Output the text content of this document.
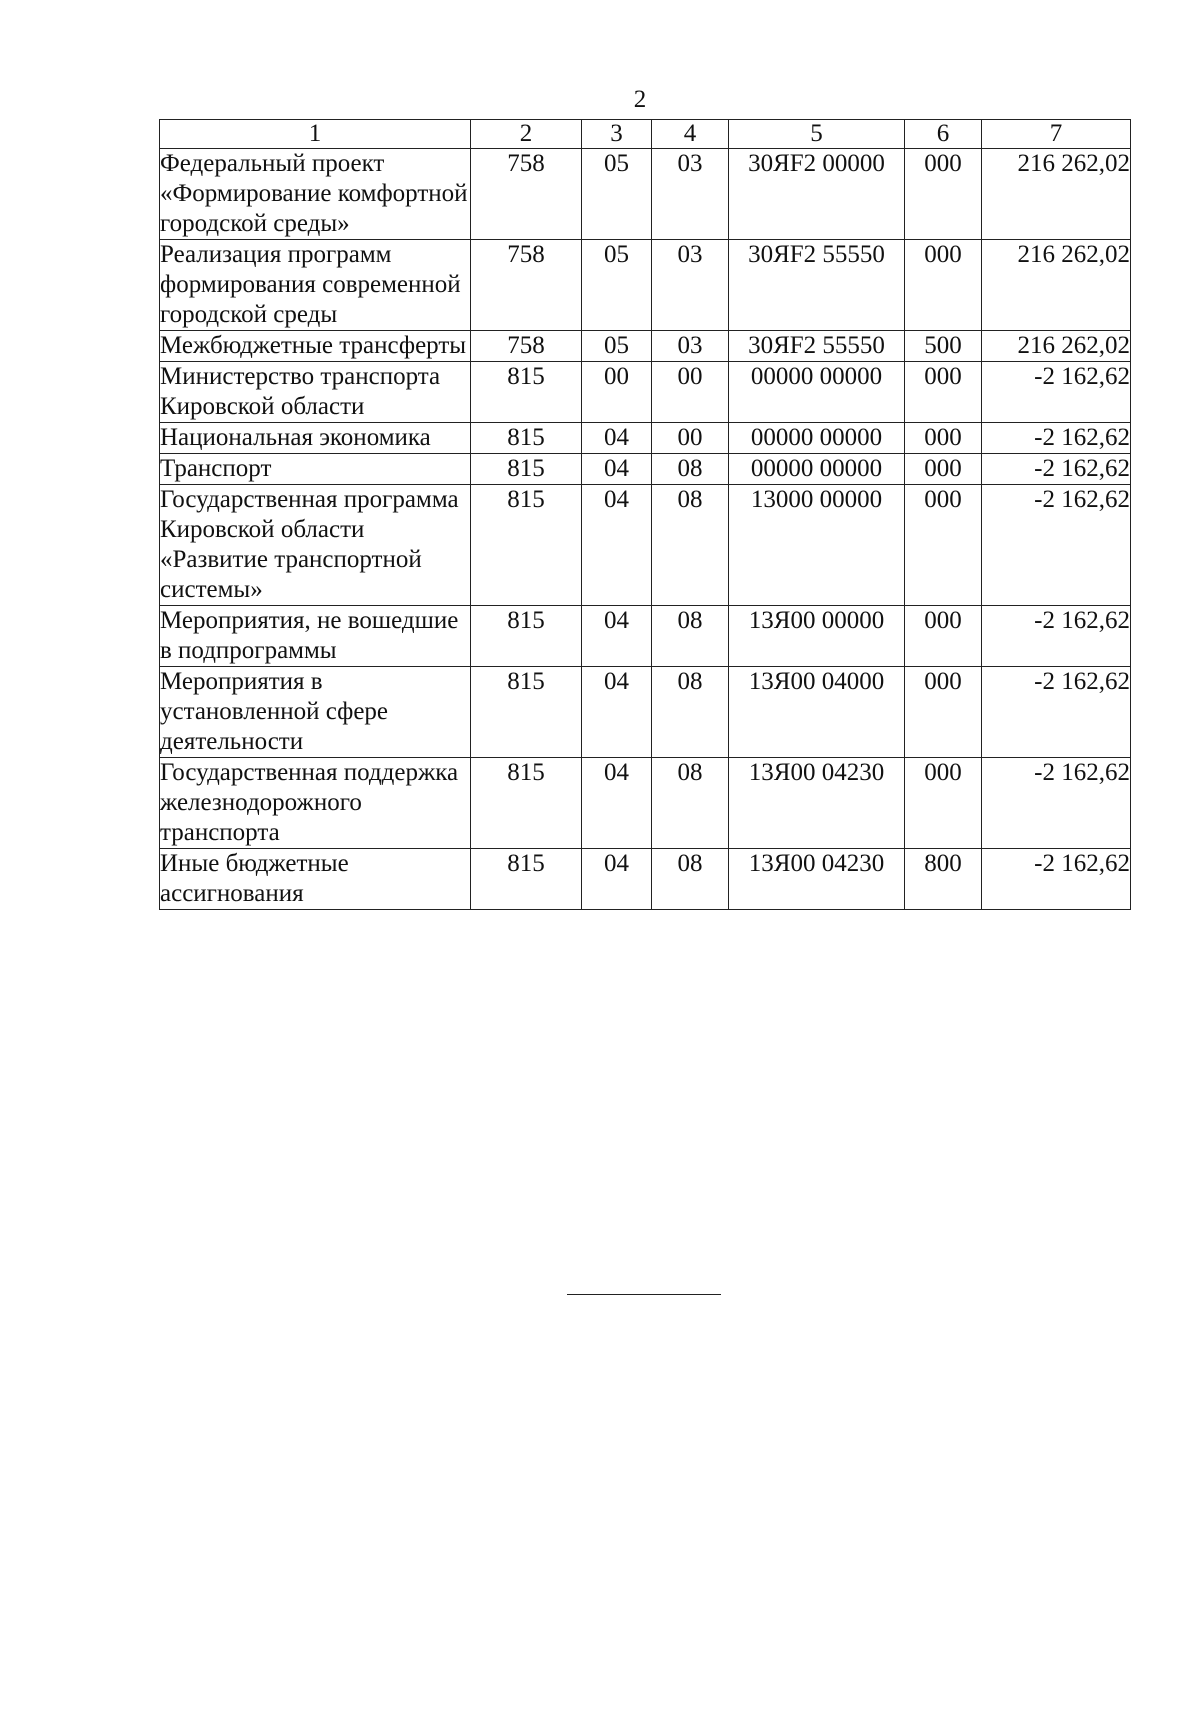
2
1	2	3	4	5	6	7
Федеральный проект «Формирование комфортной городской среды»	758	05	03	30ЯF2 00000	000	216 262,02
Реализация программ формирования современной городской среды	758	05	03	30ЯF2 55550	000	216 262,02
Межбюджетные трансферты	758	05	03	30ЯF2 55550	500	216 262,02
Министерство транспорта Кировской области	815	00	00	00000 00000	000	-2 162,62
Национальная экономика	815	04	00	00000 00000	000	-2 162,62
Транспорт	815	04	08	00000 00000	000	-2 162,62
Государственная программа Кировской области «Развитие транспортной системы»	815	04	08	13000 00000	000	-2 162,62
Мероприятия, не вошедшие в подпрограммы	815	04	08	13Я00 00000	000	-2 162,62
Мероприятия в установленной сфере деятельности	815	04	08	13Я00 04000	000	-2 162,62
Государственная поддержка железнодорожного транспорта	815	04	08	13Я00 04230	000	-2 162,62
Иные бюджетные ассигнования	815	04	08	13Я00 04230	800	-2 162,62
